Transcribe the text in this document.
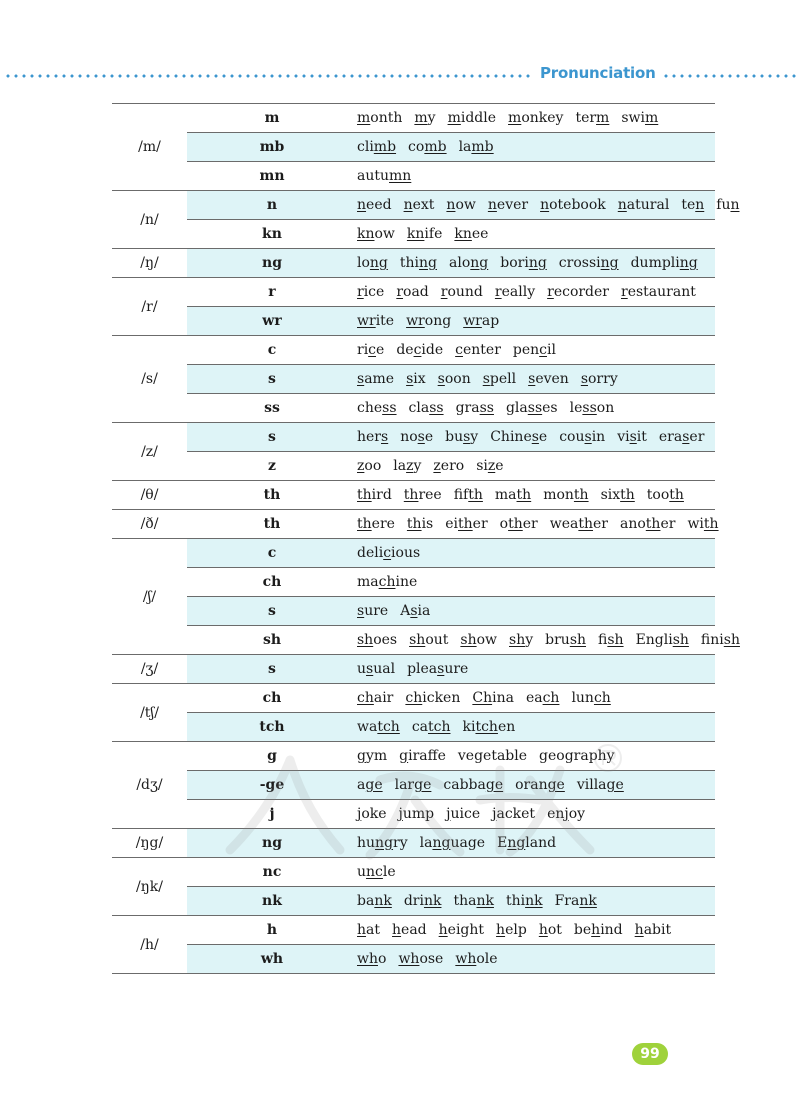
Pronunciation
/m/	m	month my middle monkey term swim
	mb	climb comb lamb
	mn	autumn
/n/	n	need next now never notebook natural ten fun
	kn	know knife knee
/ŋ/	ng	long thing along boring crossing dumpling
/r/	r	rice road round really recorder restaurant
	wr	write wrong wrap
/s/	c	rice decide center pencil
	s	same six soon spell seven sorry
	ss	chess class grass glasses lesson
/z/	s	hers nose busy Chinese cousin visit eraser
	z	zoo lazy zero size
/θ/	th	third three fifth math month sixth tooth
/ð/	th	there this either other weather another with
/ʃ/	c	delicious
	ch	machine
	s	sure Asia
	sh	shoes shout show shy brush fish English finish
/ʒ/	s	usual pleasure
/tʃ/	ch	chair chicken China each lunch
	tch	watch catch kitchen
/dʒ/	g	gym giraffe vegetable geography
	-ge	age large cabbage orange village
	j	joke jump juice jacket enjoy
/ŋg/	ng	hungry language England
/ŋk/	nc	uncle
	nk	bank drink thank think Frank
/h/	h	hat head height help hot behind habit
	wh	who whose whole
99
